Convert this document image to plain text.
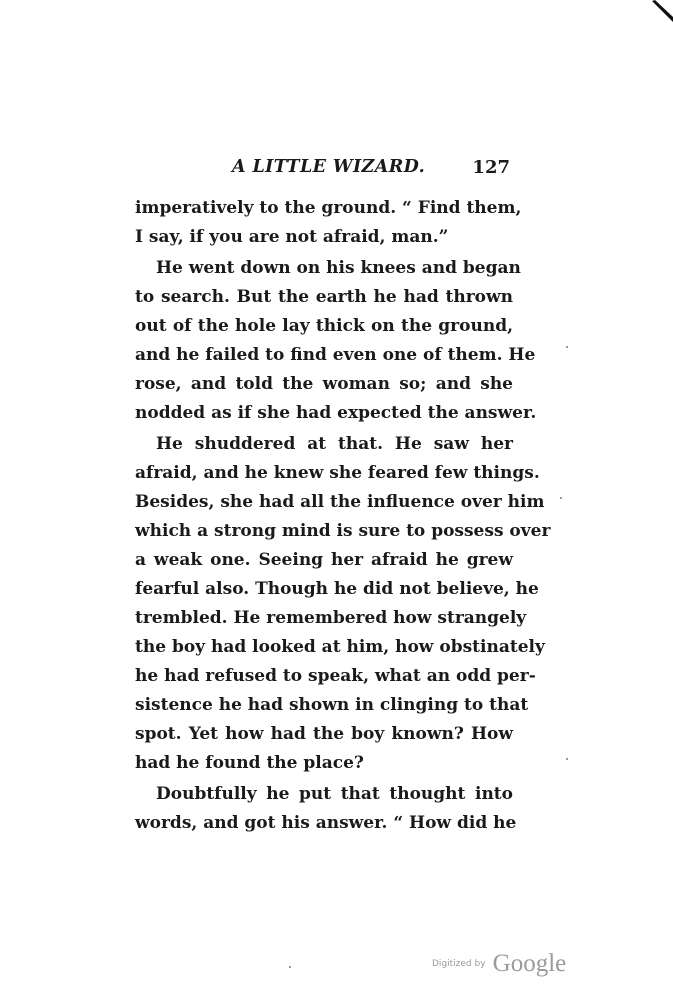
A LITTLE WIZARD.	127
imperatively to the ground. “ Find them,
I say, if you are not afraid, man.”
He went down on his knees and began
to search. But the earth he had thrown
out of the hole lay thick on the ground,
and he failed to find even one of them. He
rose, and told the woman so; and she
nodded as if she had expected the answer.
He shuddered at that. He saw her
afraid, and he knew she feared few things.
Besides, she had all the influence over him
which a strong mind is sure to possess over
a weak one. Seeing her afraid he grew
fearful also. Though he did not believe, he
trembled. He remembered how strangely
the boy had looked at him, how obstinately
he had refused to speak, what an odd per-
sistence he had shown in clinging to that
spot. Yet how had the boy known? How
had he found the place?
Doubtfully he put that thought into
words, and got his answer. “ How did he
Digitized by Google
